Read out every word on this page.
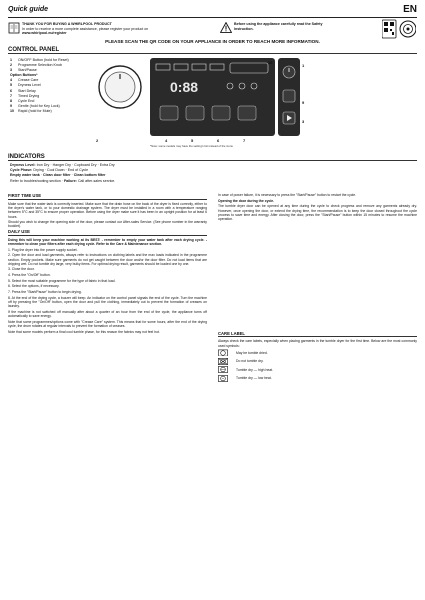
Quick guide	EN
THANK YOU FOR BUYING A WHIRLPOOL PRODUCT
In order to receive a more complete assistance, please register your product on

www.whirlpool.eu/register
Before using the appliance carefully read the Safety Instruction.
PLEASE SCAN THE QR CODE ON YOUR APPLIANCE IN ORDER TO REACH MORE INFORMATION.
CONTROL PANEL
1	ON/OFF Button (hold for Reset)
2	Programme Selection Knob
3	Start/Pause
Option Buttons*
4	Crease Care
5	Dryness Level
6	Start Delay
7	Timed Drying
8	Cycle End
9	Gentle (hold for Key Lock)
10	Rapid (hold for Mute)
0:88
1
9
3
4	5	6	7
10
2
*Note: some models may have the setting's list instead of the icons
INDICATORS
Dryness Level: Iron Dry · Hanger Dry · Cupboard Dry · Extra Dry
Cycle Phase: Drying · Cool Down · End of Cycle
Empty water tank · Clean door filter · Clean bottom filter
Refer to troubleshooting section · Failure: Call after-sales service.
FIRST TIME USE

Make sure that the water tank is correctly inserted. Make sure that the drain hose on the back of the dryer is fixed correctly, either to the dryer's water tank, or to your domestic drainage system. The dryer must be installed in a room with a temperature ranging between 5°C and 35°C to ensure proper operation. Before using the dryer make sure it has been in an upright position for at least 6 hours.

Should you wish to change the opening side of the door, please contact our After-sales Service. (See phone number in the warranty booklet).

DAILY USE

Doing this will keep your machine working at its BEST: - remember to empty your water tank after each drying cycle. - remember to clean your filters after each drying cycle. Refer to the Care & Maintenance section.

1. Plug the dryer into the power supply socket.

2. Open the door and load garments, always refer to instructions on clothing labels and the max loads indicated in the programme section. Empty pockets. Make sure garments do not get caught between the door and/or the door filter. Do not load items that are dripping wet. Do not tumble dry large, very bulky items. For optimal drying result, garments should be loaded one by one.

3. Close the door.

4. Press the "On/Off" button.

5. Select the most suitable programme for the type of fabric in that load.

6. Select the options, if necessary.

7. Press the "Start/Pause" button to begin drying.

8. At the end of the drying cycle, a buzzer will beep. An indicator on the control panel signals the end of the cycle. Turn the machine off by pressing the "On/Off" button, open the door and pull the clothing, immediately out to prevent the formation of creases on laundry.

If the machine is not switched off manually after about a quarter of an hour from the end of the cycle, the appliance turns off automatically to save energy.

Note that some programmes/options come with "Crease Care" system. This means that for some hours, after the end of the drying cycle, the drum rotates at regular intervals to prevent the formation of creases.

Note that some models perform a final cool tumble phase, for this reason the fabrics may not feel hot.

In case of power failure, it is necessary to press the "Start/Pause" button to restart the cycle.

Opening the door during the cycle.

The tumble dryer door can be opened at any time during the cycle to check progress and remove any garments already dry. However, once opening the door, or extend the drying time, the recommendation is to keep the door closed throughout the cycle process to save time and energy. After closing the door, press the "Start/Pause" button within 15 minutes to resume the machine operation.

CARE LABEL

Always check the care labels, especially when placing garments in the tumble dryer for the first time. Below are the most commonly used symbols:

May be tumble dried.
Do not tumble dry.
Tumble dry — high heat.
Tumble dry — low heat.
